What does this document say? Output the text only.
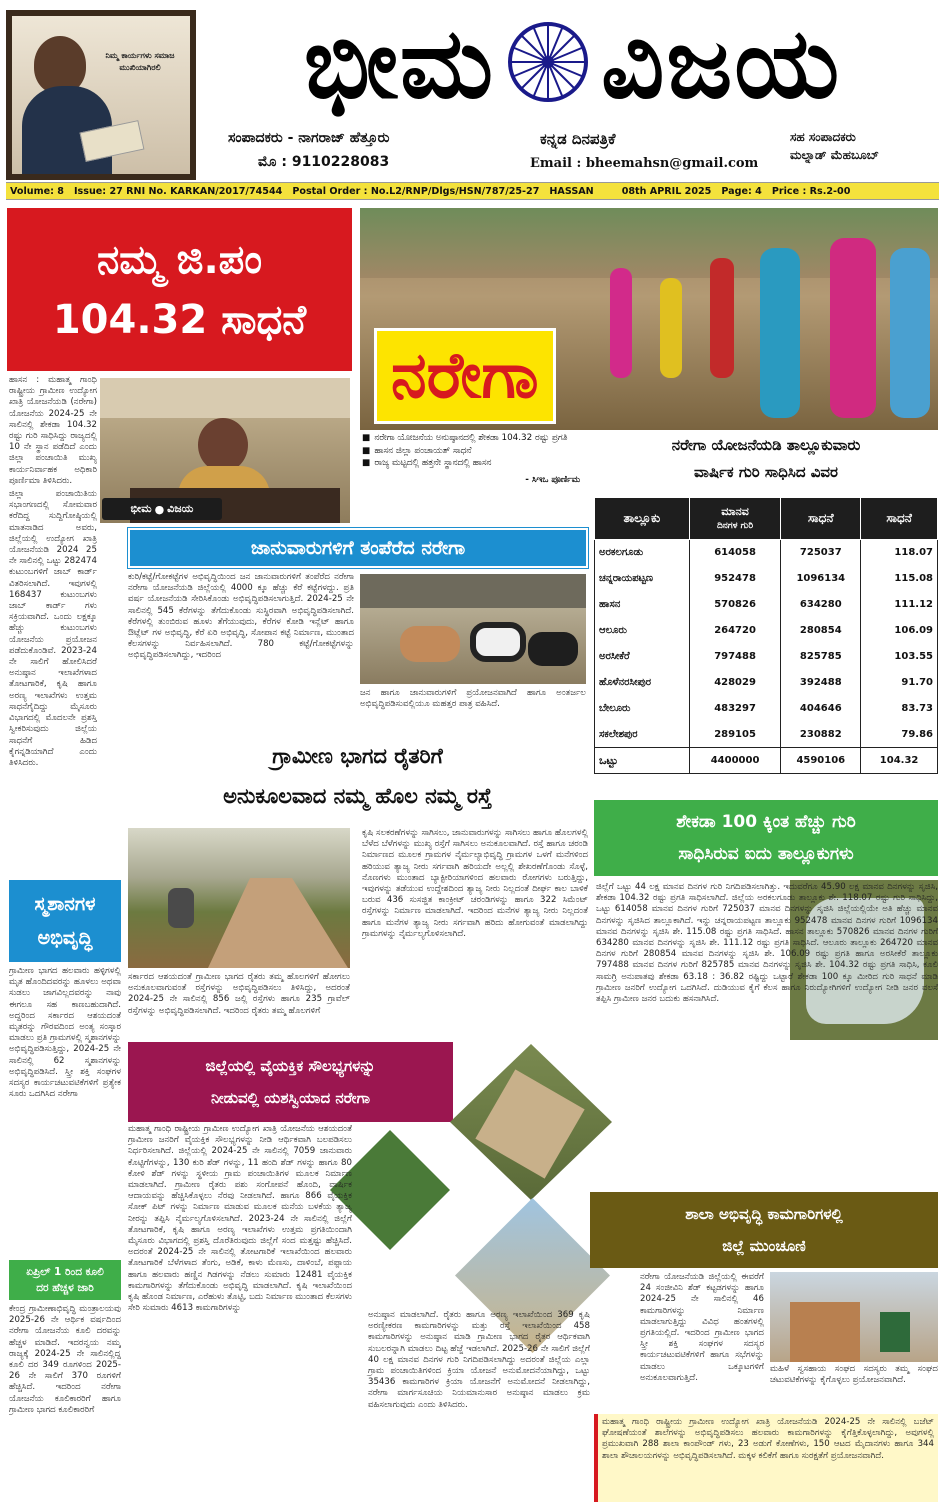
ನಿಮ್ಮ ಕಾರ್ಯಗಳು ಸಮಾಜ ಮುಖಿಯಾಗಿರಲಿ ಭೀಮ ವಿಜಯ
ಸಂಪಾದಕರು - ನಾಗರಾಜ್ ಹೆತ್ತೂರು	ಕನ್ನಡ ದಿನಪತ್ರಿಕೆ	ಸಹ ಸಂಪಾದಕರು
ಮೊ : 9110228083	Email : bheemahsn@gmail.com
ಮಲ್ನಾಡ್ ಮೆಹಬೂಬ್
Volume: 8 Issue: 27 RNI No. KARKAN/2017/74544 Postal Order : No.L2/RNP/Dlgs/HSN/787/25-27 HASSAN	08th APRIL 2025 Page: 4 Price : Rs.2-00
ನಮ್ಮ ಜಿ.ಪಂ
104.32 ಸಾಧನೆ

ಹಾಸನ : ಮಹಾತ್ಮ ಗಾಂಧಿ ರಾಷ್ಟ್ರೀಯ ಗ್ರಾಮೀಣ ಉದ್ಯೋಗ ಖಾತ್ರಿ ಯೋಜನೆಯಡಿ (ನರೇಗಾ) ಯೋಜನೆಯ 2024-25 ನೇ ಸಾಲಿನಲ್ಲಿ ಶೇಕಡಾ 104.32 ರಷ್ಟು ಗುರಿ ಸಾಧಿಸಿದ್ದು ರಾಜ್ಯದಲ್ಲಿ 10 ನೇ ಸ್ಥಾನ ಪಡೆದಿದೆ ಎಂದು ಜಿಲ್ಲಾ ಪಂಚಾಯಿತಿ ಮುಖ್ಯ ಕಾರ್ಯನಿರ್ವಾಹಕ ಅಧಿಕಾರಿ ಪೂರ್ಣಿಮಾ ತಿಳಿಸಿದರು.

ಜಿಲ್ಲಾ ಪಂಚಾಯಿತಿಯ ಸಭಾಂಗಣದಲ್ಲಿ ಸೋಮವಾರ ಕರೆದಿದ್ದ ಸುದ್ದಿಗೋಷ್ಠಿಯಲ್ಲಿ ಮಾತನಾಡಿದ ಅವರು, ಜಿಲ್ಲೆಯಲ್ಲಿ ಉದ್ಯೋಗ ಖಾತ್ರಿ ಯೋಜನೆಯಡಿ 2024 25 ನೇ ಸಾಲಿನಲ್ಲಿ ಒಟ್ಟು 282474 ಕುಟುಂಬಗಳಿಗೆ ಜಾಬ್ ಕಾರ್ಡ್ ವಿತರಿಸಲಾಗಿದೆ. ಇವುಗಳಲ್ಲಿ 168437 ಕುಟುಂಬಗಳು ಜಾಬ್ ಕಾರ್ಡ್ ಗಳು ಸಕ್ರಿಯವಾಗಿದೆ. ಒಂದು ಲಕ್ಷಕ್ಕೂ ಹೆಚ್ಚು ಕುಟುಂಬಗಳು ಯೋಜನೆಯ ಪ್ರಯೋಜನ ಪಡೆದುಕೊಂಡಿವೆ. 2023-24 ನೇ ಸಾಲಿಗೆ ಹೋಲಿಸಿದರೆ ಅನುಷ್ಠಾನ ಇಲಾಖೆಗಳಾದ ತೋಟಗಾರಿಕೆ, ಕೃಷಿ ಹಾಗೂ ಅರಣ್ಯ ಇಲಾಖೆಗಳು ಉತ್ತಮ ಸಾಧನೆಗೈದಿದ್ದು ಮೈಸೂರು ವಿಭಾಗದಲ್ಲಿ ಮೊದಲನೇ ಪ್ರಶಸ್ತಿ ಸ್ವೀಕರಿಸುವುದು ಜಿಲ್ಲೆಯ ಸಾಧನೆಗೆ ಹಿಡಿದ ಕೈಗನ್ನಡಿಯಾಗಿದೆ ಎಂದು ತಿಳಿಸಿದರು.

ಭೀಮ ● ವಿಜಯ
ನರೇಗಾ
■ ನರೇಗಾ ಯೋಜನೆಯ ಅನುಷ್ಠಾನದಲ್ಲಿ ಶೇಕಡಾ 104.32 ರಷ್ಟು ಪ್ರಗತಿ
■ ಹಾಸನ ಜಿಲ್ಲಾ ಪಂಚಾಯತ್ ಸಾಧನೆ
■ ರಾಜ್ಯ ಮಟ್ಟದಲ್ಲಿ ಹತ್ತನೇ ಸ್ಥಾನದಲ್ಲಿ ಹಾಸನ
- ಸಿಇಒ ಪೂರ್ಣಿಮ
ನರೇಗಾ ಯೋಜನೆಯಡಿ ತಾಲ್ಲೂಕುವಾರು
ವಾರ್ಷಿಕ ಗುರಿ ಸಾಧಿಸಿದ ವಿವರ
ತಾಲ್ಲೂಕು	ಮಾನವ
ದಿನಗಳ ಗುರಿ	ಸಾಧನೆ	ಸಾಧನೆ
ಅರಕಲಗೂಡು	614058	725037	118.07
ಚನ್ನರಾಯಪಟ್ಟಣ	952478	1096134	115.08
ಹಾಸನ	570826	634280	111.12
ಆಲೂರು	264720	280854	106.09
ಅರಸೀಕೆರೆ	797488	825785	103.55
ಹೊಳೆನರಸೀಪುರ	428029	392488	91.70
ಬೇಲೂರು	483297	404646	83.73
ಸಕಲೇಶಪುರ	289105	230882	79.86
ಒಟ್ಟು	4400000	4590106	104.32
ಜಾನುವಾರುಗಳಿಗೆ ತಂಪೆರೆದ ನರೇಗಾ
ಕುರಿ/ಕಟ್ಟೆ/ಗೋಕಟ್ಟೆಗಳ ಅಭಿವೃದ್ಧಿಯಿಂದ ಜನ ಜಾನುವಾರುಗಳಿಗೆ ತಂಪೆರೆದ ನರೇಗಾ ನರೇಗಾ ಯೋಜನೆಯಡಿ ಜಿಲ್ಲೆಯಲ್ಲಿ 4000 ಕ್ಕೂ ಹೆಚ್ಚು ಕೆರೆ ಕಟ್ಟೆಗಳದ್ದು. ಪ್ರತಿ ವರ್ಷ ಯೋಜನೆಯಡಿ ಸೇರಿಸಿಕೊಂಡು ಅಭಿವೃದ್ಧಿಪಡಿಸಲಾಗುತ್ತಿದೆ. 2024-25 ನೇ ಸಾಲಿನಲ್ಲಿ 545 ಕೆರೆಗಳನ್ನು ತೆಗೆದುಕೊಂಡು ಸುಸ್ಥಿರವಾಗಿ ಅಭಿವೃದ್ಧಿಪಡಿಸಲಾಗಿದೆ. ಕೆರೆಗಳಲ್ಲಿ ತುಂಬಿರುವ ಹೂಳು ತೆಗೆಯುವುದು, ಕೆರೆಗಳ ಕೋಡಿ ಇನ್ಲೆಟ್ ಹಾಗೂ ಔಟ್ಲೆಟ್ ಗಳ ಅಭಿವೃದ್ಧಿ, ಕೆರೆ ಏರಿ ಅಭಿವೃದ್ಧಿ, ಸೋಪಾನ ಕಟ್ಟೆ ನಿರ್ಮಾಣ, ಮುಂತಾದ ಕೆಲಸಗಳನ್ನು ನಿರ್ವಹಿಸಲಾಗಿದೆ. 780 ಕಟ್ಟೆ/ಗೋಕಟ್ಟೆಗಳನ್ನು ಅಭಿವೃದ್ಧಿಪಡಿಸಲಾಗಿದ್ದು, ಇದರಿಂದ
ಜನ ಹಾಗೂ ಜಾನುವಾರುಗಳಿಗೆ ಪ್ರಯೋಜನವಾಗಿದೆ ಹಾಗೂ ಅಂತರ್ಜಲ ಅಭಿವೃದ್ಧಿಪಡಿಸುವಲ್ಲಿಯೂ ಮಹತ್ತರ ಪಾತ್ರ ವಹಿಸಿದೆ.
ಗ್ರಾಮೀಣ ಭಾಗದ ರೈತರಿಗೆ
ಅನುಕೂಲವಾದ ನಮ್ಮ ಹೊಲ ನಮ್ಮ ರಸ್ತೆ
ಕೃಷಿ ಸಲಕರಣೆಗಳನ್ನು ಸಾಗಿಸಲು, ಜಾನುವಾರುಗಳನ್ನು ಸಾಗಿಸಲು ಹಾಗೂ ಹೊಲಗಳಲ್ಲಿ ಬೆಳೆದ ಬೆಳೆಗಳನ್ನು ಮುಖ್ಯ ರಸ್ತೆಗೆ ಸಾಗಿಸಲು ಅನುಕೂಲವಾಗಿದೆ. ರಸ್ತೆ ಹಾಗೂ ಚರಂಡಿ ನಿರ್ಮಾಣದ ಮೂಲಕ ಗ್ರಾಮಗಳ ನೈರ್ಮಲ್ಯಾಭಿವೃದ್ಧಿ ಗ್ರಾಮಗಳ ಒಳಗೆ ಮನೆಗಳಿಂದ ಹರಿಯುವ ತ್ಯಾಜ್ಯ ನೀರು ಸರ್ಗವಾಗಿ ಹರಿಯದೇ ಅಲ್ಲಲ್ಲಿ ಶೇಖರಣೆಗೊಂಡು ಸೊಳ್ಳೆ, ನೊಣಗಳು ಮುಂತಾದ ಬ್ಯಾಕ್ಟೀರಿಯಾಗಳಿಂದ ಹಲವಾರು ರೋಗಗಳು ಬರುತ್ತಿದ್ದು, ಇವುಗಳನ್ನು ತಡೆಯುವ ಉದ್ದೇಶದಿಂದ ತ್ಯಾಜ್ಯ ನೀರು ನಿಲ್ಲದಂತೆ ದೀರ್ಘ ಕಾಲ ಬಾಳಿಕೆ ಬರುವ 436 ಸುಸಜ್ಜಿತ ಕಾಂಕ್ರೀಟ್ ಚರಂಡಿಗಳನ್ನು ಹಾಗೂ 322 ಸಿಮೆಂಟ್ ರಸ್ತೆಗಳನ್ನು ನಿರ್ಮಾಣ ಮಾಡಲಾಗಿದೆ. ಇದರಿಂದ ಮನೆಗಳ ತ್ಯಾಜ್ಯ ನೀರು ನಿಲ್ಲದಂತೆ ಹಾಗೂ ಮನೆಗಳ ತ್ಯಾಜ್ಯ ನೀರು ಸರ್ಗವಾಗಿ ಹರಿದು ಹೋಗುವಂತೆ ಮಾಡಲಾಗಿದ್ದು ಗ್ರಾಮಗಳನ್ನು ನೈರ್ಮಲ್ಯಗೊಳಿಸಲಾಗಿದೆ.
ಸರ್ಕಾರದ ಆಶಯದಂತೆ ಗ್ರಾಮೀಣ ಭಾಗದ ರೈತರು ತಮ್ಮ ಹೊಲಗಳಿಗೆ ಹೋಗಲು ಅನುಕೂಲವಾಗುವಂತೆ ರಸ್ತೆಗಳನ್ನು ಅಭಿವೃದ್ಧಿಪಡಿಸಲು ತಿಳಿಸಿದ್ದು, ಅದರಂತೆ 2024-25 ನೇ ಸಾಲಿನಲ್ಲಿ 856 ಜಲ್ಲಿ ರಸ್ತೆಗಳು ಹಾಗೂ 235 ಗ್ರಾವೆಲ್ ರಸ್ತೆಗಳನ್ನು ಅಭಿವೃದ್ಧಿಪಡಿಸಲಾಗಿದೆ. ಇದರಿಂದ ರೈತರು ತಮ್ಮ ಹೊಲಗಳಿಗೆ
ಸ್ಮಶಾನಗಳ
ಅಭಿವೃದ್ಧಿ
ಗ್ರಾಮೀಣ ಭಾಗದ ಹಲವಾರು ಹಳ್ಳಿಗಳಲ್ಲಿ ಮೃತ ಹೊಂದಿದವರನ್ನು ಹೂಳಲು ಅಥವಾ ಸುಡಲು ಜಾಗವಿಲ್ಲದವರನ್ನು ನಾವು ಈಗಲೂ ಸಹ ಕಾಣಬಹುದಾಗಿದೆ. ಅದ್ದರಿಂದ ಸರ್ಕಾರದ ಆಶಯದಂತೆ ಮೃತರನ್ನು ಗೌರವದಿಂದ ಅಂತ್ಯ ಸಂಸ್ಕಾರ ಮಾಡಲು ಪ್ರತಿ ಗ್ರಾಮಗಳಲ್ಲಿ ಸ್ಮಶಾನಗಳನ್ನು ಅಭಿವೃದ್ಧಿಪಡಿಸುತ್ತಿದ್ದು, 2024-25 ನೇ ಸಾಲಿನಲ್ಲಿ 62 ಸ್ಮಶಾನಗಳನ್ನು ಅಭಿವೃದ್ಧಿಪಡಿಸಿದೆ. ಸ್ತ್ರೀ ಶಕ್ತಿ ಸಂಘಗಳ ಸದಸ್ಯರ ಕಾರ್ಯಚಟುವಟಿಕೆಗಳಿಗೆ ಪ್ರತ್ಯೇಕ ಸೂರು ಒದಗಿಸಿದ ನರೇಗಾ
ಏಪ್ರಿಲ್ 1 ರಿಂದ ಕೂಲಿ
ದರ ಹೆಚ್ಚಳ ಜಾರಿ
ಕೇಂದ್ರ ಗ್ರಾಮೀಣಾಭಿವೃದ್ಧಿ ಮಂತ್ರಾಲಯವು 2025-26 ನೇ ಆರ್ಥಿಕ ವರ್ಷದಿಂದ ನರೇಗಾ ಯೋಜನೆಯ ಕೂಲಿ ದರವನ್ನು ಹೆಚ್ಚಳ ಮಾಡಿದೆ. ಇದರನ್ವಯ ನಮ್ಮ ರಾಜ್ಯಕ್ಕೆ 2024-25 ನೇ ಸಾಲಿನಲ್ಲಿದ್ದ ಕೂಲಿ ದರ 349 ರೂಗಳಿಂದ 2025-26 ನೇ ಸಾಲಿಗೆ 370 ರೂಗಳಿಗೆ ಹೆಚ್ಚಿಸಿದೆ. ಇದರಿಂದ ನರೇಗಾ ಯೋಜನೆಯ ಕೂಲಿಕಾರರಿಗೆ ಹಾಗೂ ಗ್ರಾಮೀಣ ಭಾಗದ ಕೂಲಿಕಾರರಿಗೆ
ಶೇಕಡಾ 100 ಕ್ಕಿಂತ ಹೆಚ್ಚು ಗುರಿ
ಸಾಧಿಸಿರುವ ಐದು ತಾಲ್ಲೂಕುಗಳು
ಜಿಲ್ಲೆಗೆ ಒಟ್ಟು 44 ಲಕ್ಷ ಮಾನವ ದಿನಗಳ ಗುರಿ ನಿಗದಿಪಡಿಸಲಾಗಿತ್ತು. ಇದುವರೆಗೂ 45.90 ಲಕ್ಷ ಮಾನವ ದಿನಗಳನ್ನು ಸೃಜಿಸಿ, ಶೇಕಡಾ 104.32 ರಷ್ಟು ಪ್ರಗತಿ ಸಾಧಿಸಲಾಗಿದೆ. ಜಿಲ್ಲೆಯ ಅರಕಲಗೂಡು ತಾಲ್ಲೂಕು ಶೇ. 118.07 ರಷ್ಟು ಗುರಿ ಸಾಧಿಸಿದ್ದು, ಒಟ್ಟು 614058 ಮಾನವ ದಿನಗಳ ಗುರಿಗೆ 725037 ಮಾನವ ದಿನಗಳನ್ನು ಸೃಜಿಸಿ ಜಿಲ್ಲೆಯಲ್ಲಿಯೇ ಅತಿ ಹೆಚ್ಚು ಮಾನವ ದಿನಗಳನ್ನು ಸೃಜಿಸಿದ ತಾಲ್ಲೂಕಾಗಿದೆ. ಇನ್ನು ಚನ್ನರಾಯಪಟ್ಟಣ ತಾಲ್ಲೂಕು 952478 ಮಾನವ ದಿನಗಳ ಗುರಿಗೆ 1096134 ಮಾನವ ದಿನಗಳನ್ನು ಸೃಜಿಸಿ ಶೇ. 115.08 ರಷ್ಟು ಪ್ರಗತಿ ಸಾಧಿಸಿದೆ. ಹಾಸನ ತಾಲ್ಲೂಕು 570826 ಮಾನವ ದಿನಗಳ ಗುರಿಗೆ 634280 ಮಾನವ ದಿನಗಳನ್ನು ಸೃಜಿಸಿ ಶೇ. 111.12 ರಷ್ಟು ಪ್ರಗತಿ ಸಾಧಿಸಿದೆ. ಆಲೂರು ತಾಲ್ಲೂಕು 264720 ಮಾನವ ದಿನಗಳ ಗುರಿಗೆ 280854 ಮಾನವ ದಿನಗಳನ್ನು ಸೃಜಿಸಿ ಶೇ. 106.09 ರಷ್ಟು ಪ್ರಗತಿ ಹಾಗೂ ಅರಸೀಕೆರೆ ತಾಲ್ಲೂಕು 797488 ಮಾನವ ದಿನಗಳ ಗುರಿಗೆ 825785 ಮಾನವ ದಿನಗಳನ್ನು ಸೃಜಿಸಿ ಶೇ. 104.32 ರಷ್ಟು ಪ್ರಗತಿ ಸಾಧಿಸಿ, ಕೂಲಿ ಸಾಮಗ್ರಿ ಅನುಪಾತವು ಶೇಕಡಾ 63.18 : 36.82 ರಷ್ಟಿದ್ದು ಒಟ್ಟಾರೆ ಶೇಕಡಾ 100 ಕ್ಕೂ ಮೀರಿದ ಗುರಿ ಸಾಧನೆ ಮಾಡಿ ಗ್ರಾಮೀಣ ಜನರಿಗೆ ಉದ್ಯೋಗ ಒದಗಿಸಿದೆ. ದುಡಿಯುವ ಕೈಗೆ ಕೆಲಸ ಹಾಗೂ ನಿರುದ್ಯೋಗಿಗಳಿಗೆ ಉದ್ಯೋಗ ನೀಡಿ ಜನರ ವಲಸೆ ತಪ್ಪಿಸಿ ಗ್ರಾಮೀಣ ಜನರ ಬದುಕು ಹಸನಾಗಿಸಿದೆ.
ಜಿಲ್ಲೆಯಲ್ಲಿ ವೈಯಕ್ತಿಕ ಸೌಲಭ್ಯಗಳನ್ನು
ನೀಡುವಲ್ಲಿ ಯಶಸ್ವಿಯಾದ ನರೇಗಾ
ಮಹಾತ್ಮ ಗಾಂಧಿ ರಾಷ್ಟ್ರೀಯ ಗ್ರಾಮೀಣ ಉದ್ಯೋಗ ಖಾತ್ರಿ ಯೋಜನೆಯ ಆಶಯದಂತೆ ಗ್ರಾಮೀಣ ಜನರಿಗೆ ವೈಯಕ್ತಿಕ ಸೌಲಭ್ಯಗಳನ್ನು ನೀಡಿ ಆರ್ಥಿಕವಾಗಿ ಬಲಪಡಿಸಲು ನಿರ್ಧರಿಸಲಾಗಿದೆ. ಜಿಲ್ಲೆಯಲ್ಲಿ 2024-25 ನೇ ಸಾಲಿನಲ್ಲಿ 7059 ಜಾನುವಾರು ಕೊಟ್ಟಿಗೆಗಳನ್ನು, 130 ಕುರಿ ಶೆಡ್ ಗಳನ್ನು, 11 ಹಂದಿ ಶೆಡ್ ಗಳನ್ನು ಹಾಗೂ 80 ಕೋಳಿ ಶೆಡ್ ಗಳನ್ನು ಸ್ಥಳೀಯ ಗ್ರಾಮ ಪಂಚಾಯಿತಿಗಳ ಮೂಲಕ ನಿರ್ಮಾಣ ಮಾಡಲಾಗಿದೆ. ಗ್ರಾಮೀಣ ರೈತರು ಪಶು ಸಂಗೋಪನೆ ಹೊಂದಿ, ವಾರ್ಷಿಕ ಆದಾಯವನ್ನು ಹೆಚ್ಚಿಸಿಕೊಳ್ಳಲು ನೆರವು ನೀಡಲಾಗಿದೆ. ಹಾಗೂ 866 ವೈಯಕ್ತಿಕ ಸೋಕ್ ಪಿಟ್ ಗಳನ್ನು ನಿರ್ಮಾಣ ಮಾಡುವ ಮೂಲಕ ಮನೆಯ ಬಳಕೆಯ ತ್ಯಾಜ್ಯ ನೀರನ್ನು ತಪ್ಪಿಸಿ ನೈರ್ಮಲ್ಯಗೊಳಿಸಲಾಗಿದೆ. 2023-24 ನೇ ಸಾಲಿನಲ್ಲಿ ಜಿಲ್ಲೆಗೆ ತೋಟಗಾರಿಕೆ, ಕೃಷಿ ಹಾಗೂ ಅರಣ್ಯ ಇಲಾಖೆಗಳು ಉತ್ತಮ ಪ್ರಗತಿಯಿಂದಾಗಿ ಮೈಸೂರು ವಿಭಾಗದಲ್ಲಿ ಪ್ರಶಸ್ತಿ ದೊರೆತಿರುವುದು ಜಿಲ್ಲೆಗೆ ಸಂದ ಮತ್ತಷ್ಟು ಹೆಚ್ಚಿಸಿದೆ. ಅದರಂತೆ 2024-25 ನೇ ಸಾಲಿನಲ್ಲಿ ತೋಟಗಾರಿಕೆ ಇಲಾಖೆಯಿಂದ ಹಲವಾರು ತೋಟಗಾರಿಕೆ ಬೆಳೆಗಳಾದ ತೆಂಗು, ಅಡಿಕೆ, ಕಾಳು ಮೆಣಸು, ದಾಳಿಂಬೆ, ಪಪ್ಪಾಯ ಹಾಗೂ ಹಲವಾರು ಹಣ್ಣಿನ ಗಿಡಗಳನ್ನು ನೆಡಲು ಸುಮಾರು 12481 ವೈಯಕ್ತಿಕ ಕಾಮಗಾರಿಗಳನ್ನು ತೆಗೆದುಕೊಂಡು ಅಭಿವೃದ್ಧಿ ಮಾಡಲಾಗಿದೆ. ಕೃಷಿ ಇಲಾಖೆಯಿಂದ ಕೃಷಿ ಹೊಂಡ ನಿರ್ಮಾಣ, ಎರೆಹುಳು ತೊಟ್ಟಿ, ಬದು ನಿರ್ಮಾಣ ಮುಂತಾದ ಕೆಲಸಗಳು ಸೇರಿ ಸುಮಾರು 4613 ಕಾಮಗಾರಿಗಳನ್ನು
ಅನುಷ್ಠಾನ ಮಾಡಲಾಗಿದೆ. ರೈತರು ಹಾಗೂ ಅರಣ್ಯ ಇಲಾಖೆಯಿಂದ 369 ಕೃಷಿ ಅರಣ್ಯೀಕರಣ ಕಾಮಗಾರಿಗಳನ್ನು ಮತ್ತು ರಸ್ತೆ ಇಲಾಖೆಯಿಂದ 458 ಕಾಮಗಾರಿಗಳನ್ನು ಅನುಷ್ಠಾನ ಮಾಡಿ ಗ್ರಾಮೀಣ ಭಾಗದ ರೈತರ ಆರ್ಥಿಕವಾಗಿ ಸುಬಲರನ್ನಾಗಿ ಮಾಡಲು ದಿಟ್ಟ ಹೆಜ್ಜೆ ಇಡಲಾಗಿದೆ. 2025-26 ನೇ ಸಾಲಿಗೆ ಜಿಲ್ಲೆಗೆ 40 ಲಕ್ಷ ಮಾನವ ದಿನಗಳ ಗುರಿ ನಿಗದಿಪಡಿಸಲಾಗಿದ್ದು ಅದರಂತೆ ಜಿಲ್ಲೆಯ ಎಲ್ಲಾ ಗ್ರಾಮ ಪಂಚಾಯಿತಿಗಳಿಂದ ಕ್ರಿಯಾ ಯೋಜನೆ ಅನುಮೋದನೆಯಾಗಿದ್ದು, ಒಟ್ಟು 35436 ಕಾಮಗಾರಿಗಳ ಕ್ರಿಯಾ ಯೋಜನೆಗೆ ಅನುಮೋದನೆ ನೀಡಲಾಗಿದ್ದು, ನರೇಗಾ ಮಾರ್ಗಸೂಚಿಯ ನಿಯಮಾನುಸಾರ ಅನುಷ್ಠಾನ ಮಾಡಲು ಕ್ರಮ ವಹಿಸಲಾಗುವುದು ಎಂದು ತಿಳಿಸಿದರು.
ಶಾಲಾ ಅಭಿವೃದ್ಧಿ ಕಾಮಗಾರಿಗಳಲ್ಲಿ
ಜಿಲ್ಲೆ ಮುಂಚೂಣಿ
ನರೇಗಾ ಯೋಜನೆಯಡಿ ಜಿಲ್ಲೆಯಲ್ಲಿ ಈವರೆಗೆ 24 ಸಂಜೀವಿನಿ ಶೆಡ್ ಕಟ್ಟಡಗಳನ್ನು ಹಾಗೂ 2024-25 ನೇ ಸಾಲಿನಲ್ಲಿ 46 ಕಾಮಗಾರಿಗಳನ್ನು ನಿರ್ಮಾಣ ಮಾಡಲಾಗುತ್ತಿದ್ದು ವಿವಿಧ ಹಂತಗಳಲ್ಲಿ ಪ್ರಗತಿಯಲ್ಲಿದೆ. ಇದರಿಂದ ಗ್ರಾಮೀಣ ಭಾಗದ ಸ್ತ್ರೀ ಶಕ್ತಿ ಸಂಘಗಳ ಸದಸ್ಯರ ಕಾರ್ಯಚಟುವಟಿಕೆಗಳಿಗೆ ಹಾಗೂ ಸಭೆಗಳನ್ನು ಮಾಡಲು ಒಕ್ಕೂಟಗಳಿಗೆ ಅನುಕೂಲವಾಗುತ್ತಿದೆ.
ಮಹಿಳೆ ಸ್ವಸಹಾಯ ಸಂಘದ ಸದಸ್ಯರು ತಮ್ಮ ಸಂಘದ ಚಟುವಟಿಕೆಗಳನ್ನು ಕೈಗೊಳ್ಳಲು ಪ್ರಯೋಜನವಾಗಿದೆ.
ಮಹಾತ್ಮ ಗಾಂಧಿ ರಾಷ್ಟ್ರೀಯ ಗ್ರಾಮೀಣ ಉದ್ಯೋಗ ಖಾತ್ರಿ ಯೋಜನೆಯಡಿ 2024-25 ನೇ ಸಾಲಿನಲ್ಲಿ ಬಜೆಟ್ ಘೋಷಣೆಯಂತೆ ಶಾಲೆಗಳನ್ನು ಅಭಿವೃದ್ಧಿಪಡಿಸಲು ಹಲವಾರು ಕಾಮಗಾರಿಗಳನ್ನು ಕೈಗೆತ್ತಿಕೊಳ್ಳಲಾಗಿದ್ದು, ಅವುಗಳಲ್ಲಿ ಪ್ರಮುಖವಾಗಿ 288 ಶಾಲಾ ಕಾಂಪೌಂಡ್ ಗಳು, 23 ಅಡುಗೆ ಕೋಣೆಗಳು, 150 ಆಟದ ಮೈದಾನಗಳು ಹಾಗೂ 344 ಶಾಲಾ ಶೌಚಾಲಯಗಳನ್ನು ಅಭಿವೃದ್ಧಿಪಡಿಸಲಾಗಿದೆ. ಮಕ್ಕಳ ಕಲಿಕೆಗೆ ಹಾಗೂ ಸುರಕ್ಷತೆಗೆ ಪ್ರಯೋಜನವಾಗಿದೆ.
